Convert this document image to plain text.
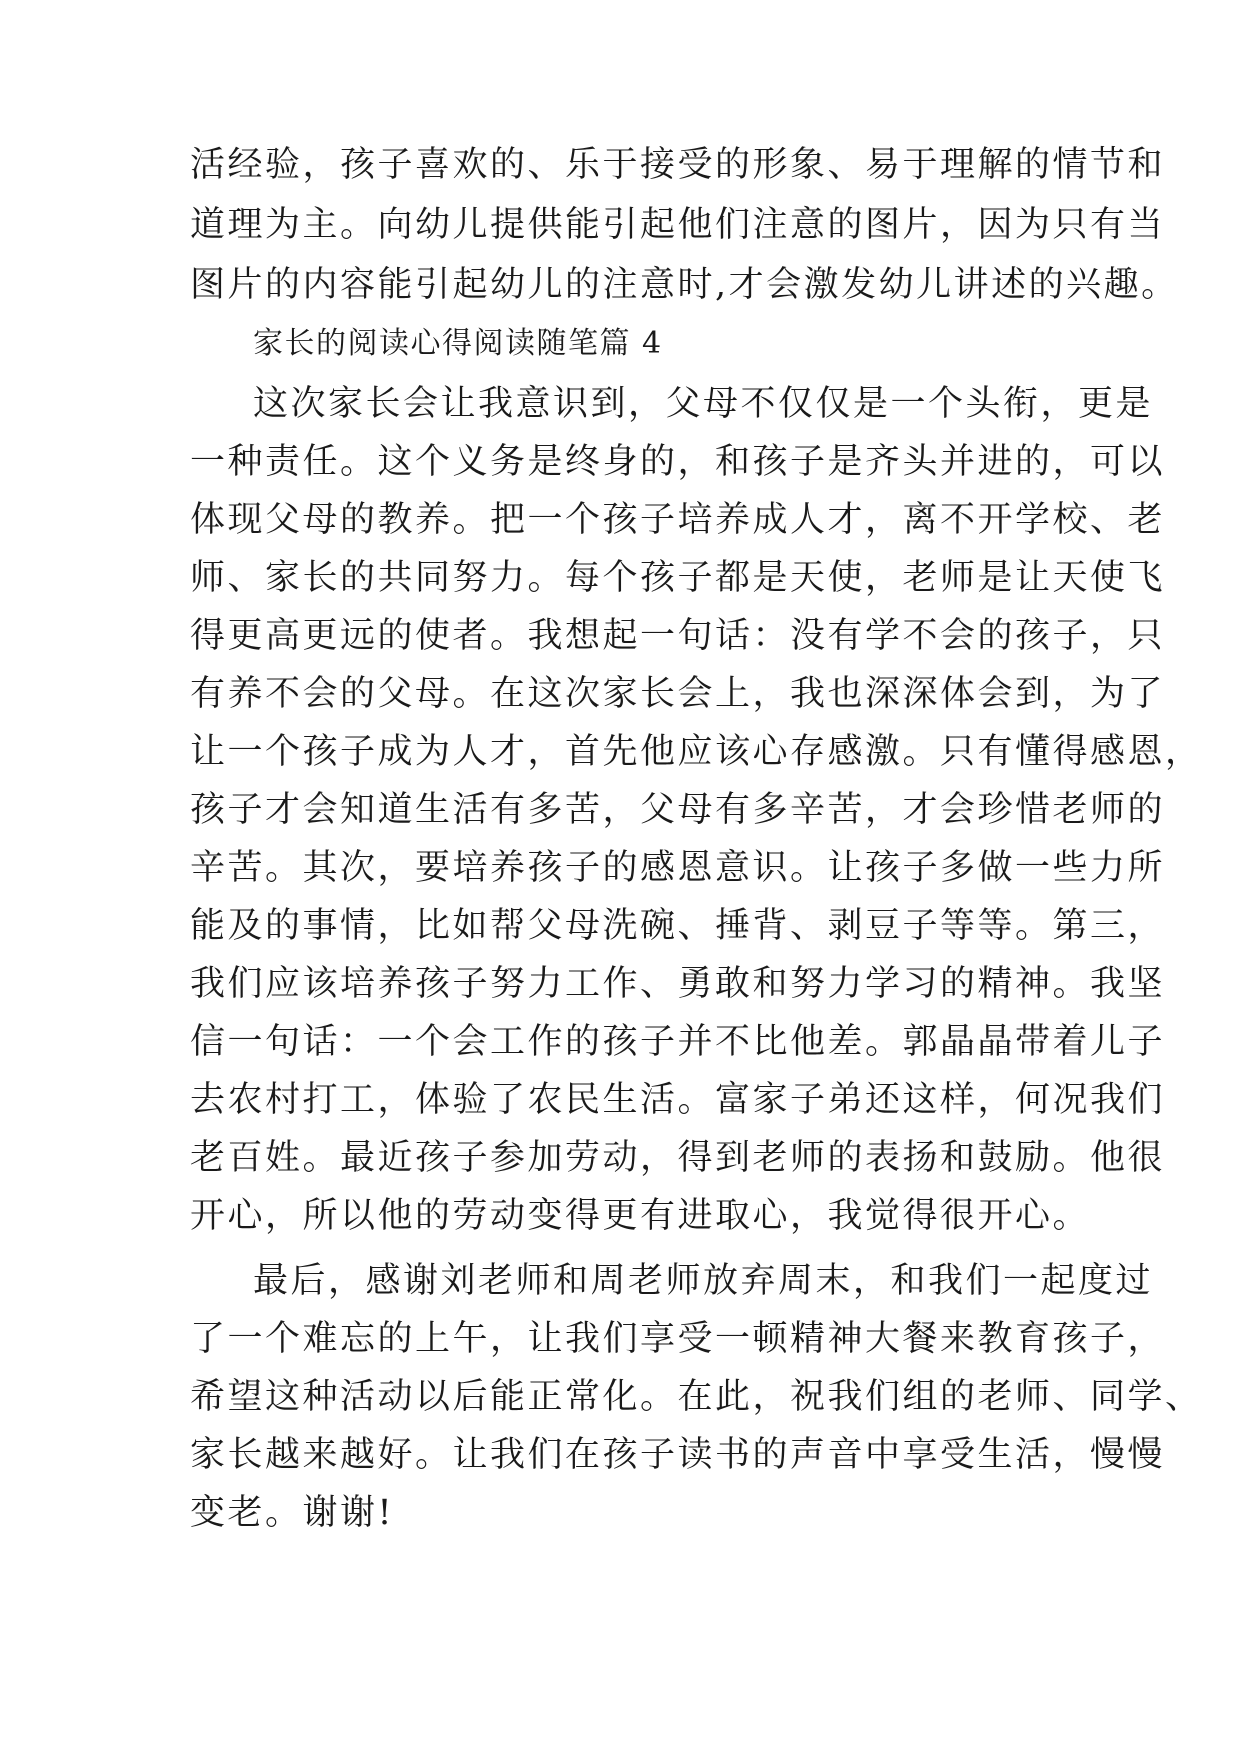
活经验，孩子喜欢的、乐于接受的形象、易于理解的情节和
道理为主。向幼儿提供能引起他们注意的图片，因为只有当
图片的内容能引起幼儿的注意时,才会激发幼儿讲述的兴趣。
家长的阅读心得阅读随笔篇 4
这次家长会让我意识到，父母不仅仅是一个头衔，更是
一种责任。这个义务是终身的，和孩子是齐头并进的，可以
体现父母的教养。把一个孩子培养成人才，离不开学校、老
师、家长的共同努力。每个孩子都是天使，老师是让天使飞
得更高更远的使者。我想起一句话：没有学不会的孩子，只
有养不会的父母。在这次家长会上，我也深深体会到，为了
让一个孩子成为人才，首先他应该心存感激。只有懂得感恩，
孩子才会知道生活有多苦，父母有多辛苦，才会珍惜老师的
辛苦。其次，要培养孩子的感恩意识。让孩子多做一些力所
能及的事情，比如帮父母洗碗、捶背、剥豆子等等。第三，
我们应该培养孩子努力工作、勇敢和努力学习的精神。我坚
信一句话：一个会工作的孩子并不比他差。郭晶晶带着儿子
去农村打工，体验了农民生活。富家子弟还这样，何况我们
老百姓。最近孩子参加劳动，得到老师的表扬和鼓励。他很
开心，所以他的劳动变得更有进取心，我觉得很开心。
最后，感谢刘老师和周老师放弃周末，和我们一起度过
了一个难忘的上午，让我们享受一顿精神大餐来教育孩子，
希望这种活动以后能正常化。在此，祝我们组的老师、同学、
家长越来越好。让我们在孩子读书的声音中享受生活，慢慢
变老。谢谢!
